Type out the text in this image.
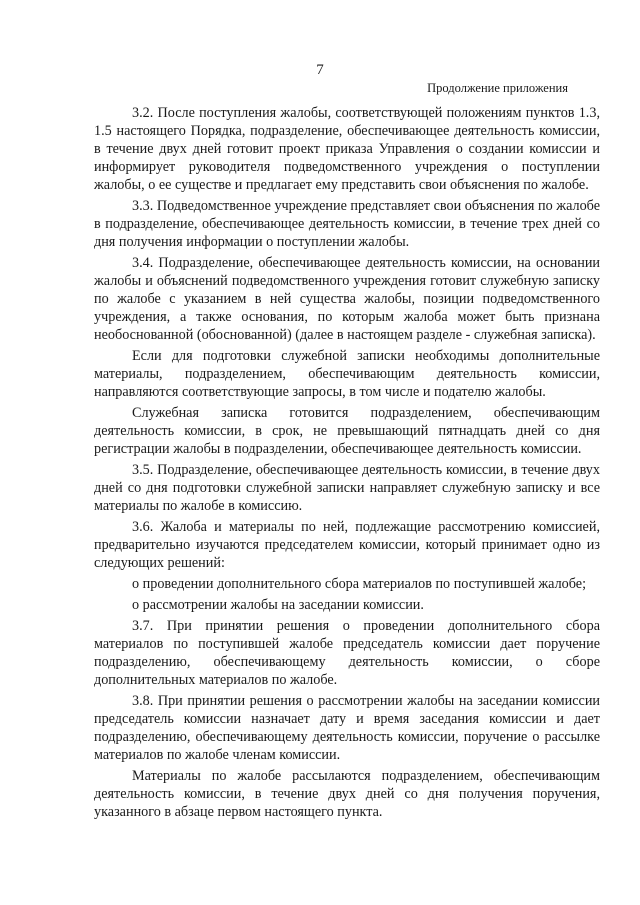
7
Продолжение приложения

3.2. После поступления жалобы, соответствующей положениям пунктов 1.3, 1.5 настоящего Порядка, подразделение, обеспечивающее деятельность комиссии, в течение двух дней готовит проект приказа Управления о создании комиссии и информирует руководителя подведомственного учреждения о поступлении жалобы, о ее существе и предлагает ему представить свои объяснения по жалобе.

3.3. Подведомственное учреждение представляет свои объяснения по жалобе в подразделение, обеспечивающее деятельность комиссии, в течение трех дней со дня получения информации о поступлении жалобы.

3.4. Подразделение, обеспечивающее деятельность комиссии, на основании жалобы и объяснений подведомственного учреждения готовит служебную записку по жалобе с указанием в ней существа жалобы, позиции подведомственного учреждения, а также основания, по которым жалоба может быть признана необоснованной (обоснованной) (далее в настоящем разделе - служебная записка).

Если для подготовки служебной записки необходимы дополнительные материалы, подразделением, обеспечивающим деятельность комиссии, направляются соответствующие запросы, в том числе и подателю жалобы.

Служебная записка готовится подразделением, обеспечивающим деятельность комиссии, в срок, не превышающий пятнадцать дней со дня регистрации жалобы в подразделении, обеспечивающее деятельность комиссии.

3.5. Подразделение, обеспечивающее деятельность комиссии, в течение двух дней со дня подготовки служебной записки направляет служебную записку и все материалы по жалобе в комиссию.

3.6. Жалоба и материалы по ней, подлежащие рассмотрению комиссией, предварительно изучаются председателем комиссии, который принимает одно из следующих решений:

о проведении дополнительного сбора материалов по поступившей жалобе;

о рассмотрении жалобы на заседании комиссии.

3.7. При принятии решения о проведении дополнительного сбора материалов по поступившей жалобе председатель комиссии дает поручение подразделению, обеспечивающему деятельность комиссии, о сборе дополнительных материалов по жалобе.

3.8. При принятии решения о рассмотрении жалобы на заседании комиссии председатель комиссии назначает дату и время заседания комиссии и дает подразделению, обеспечивающему деятельность комиссии, поручение о рассылке материалов по жалобе членам комиссии.

Материалы по жалобе рассылаются подразделением, обеспечивающим деятельность комиссии, в течение двух дней со дня получения поручения, указанного в абзаце первом настоящего пункта.
